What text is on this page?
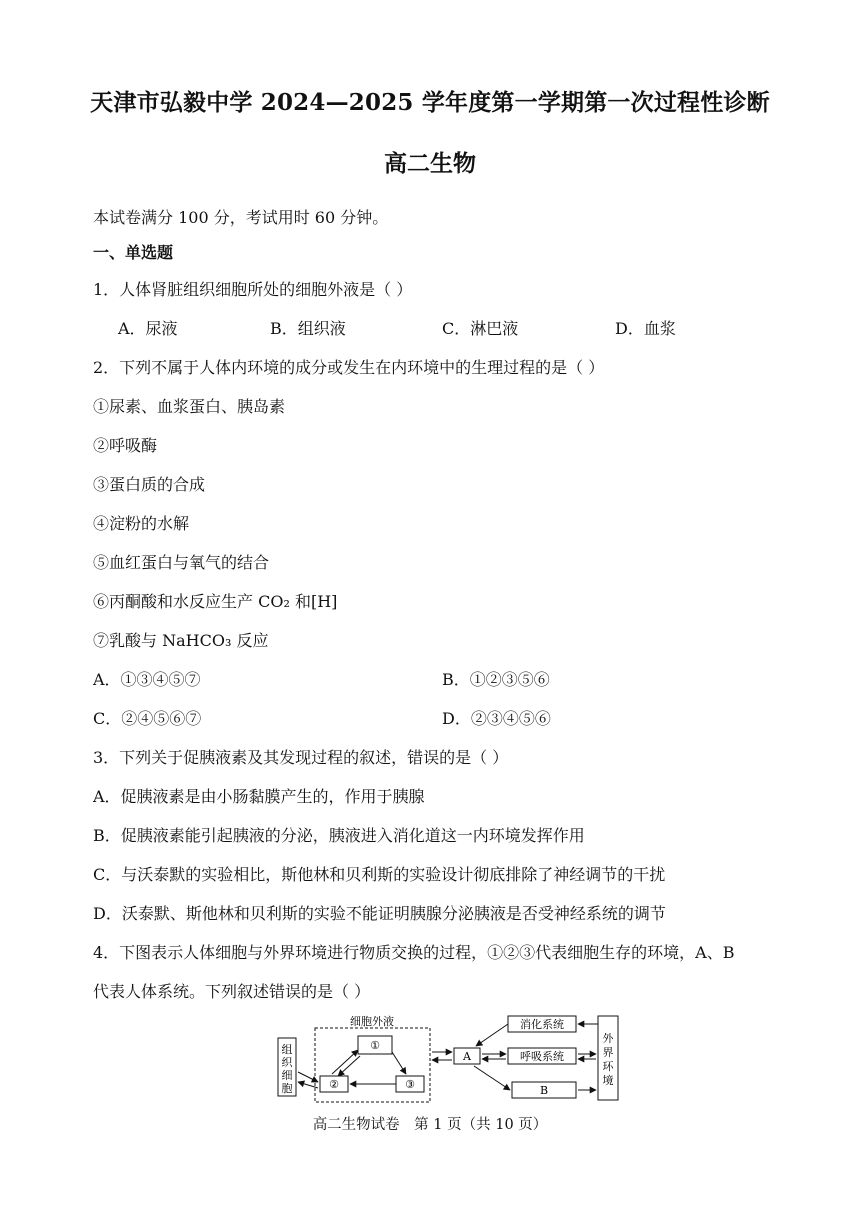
天津市弘毅中学 2024—2025 学年度第一学期第一次过程性诊断
高二生物
本试卷满分 100 分，考试用时 60 分钟。
一、单选题
1．人体肾脏组织细胞所处的细胞外液是（ ）
A．尿液	B．组织液	C．淋巴液	D．血浆
2．下列不属于人体内环境的成分或发生在内环境中的生理过程的是（ ）
①尿素、血浆蛋白、胰岛素
②呼吸酶
③蛋白质的合成
④淀粉的水解
⑤血红蛋白与氧气的结合
⑥丙酮酸和水反应生产 CO₂ 和[H]
⑦乳酸与 NaHCO₃ 反应
A．①③④⑤⑦	B．①②③⑤⑥
C．②④⑤⑥⑦	D．②③④⑤⑥
3．下列关于促胰液素及其发现过程的叙述，错误的是（ ）
A．促胰液素是由小肠黏膜产生的，作用于胰腺
B．促胰液素能引起胰液的分泌，胰液进入消化道这一内环境发挥作用
C．与沃泰默的实验相比，斯他林和贝利斯的实验设计彻底排除了神经调节的干扰
D．沃泰默、斯他林和贝利斯的实验不能证明胰腺分泌胰液是否受神经系统的调节
4．下图表示人体细胞与外界环境进行物质交换的过程，①②③代表细胞生存的环境，A、B
代表人体系统。下列叙述错误的是（ ）
组
织
细
胞
细胞外液
①
②	③
A
消化系统
呼吸系统
B
外
界
环
境
高二生物试卷　第 1 页（共 10 页）
